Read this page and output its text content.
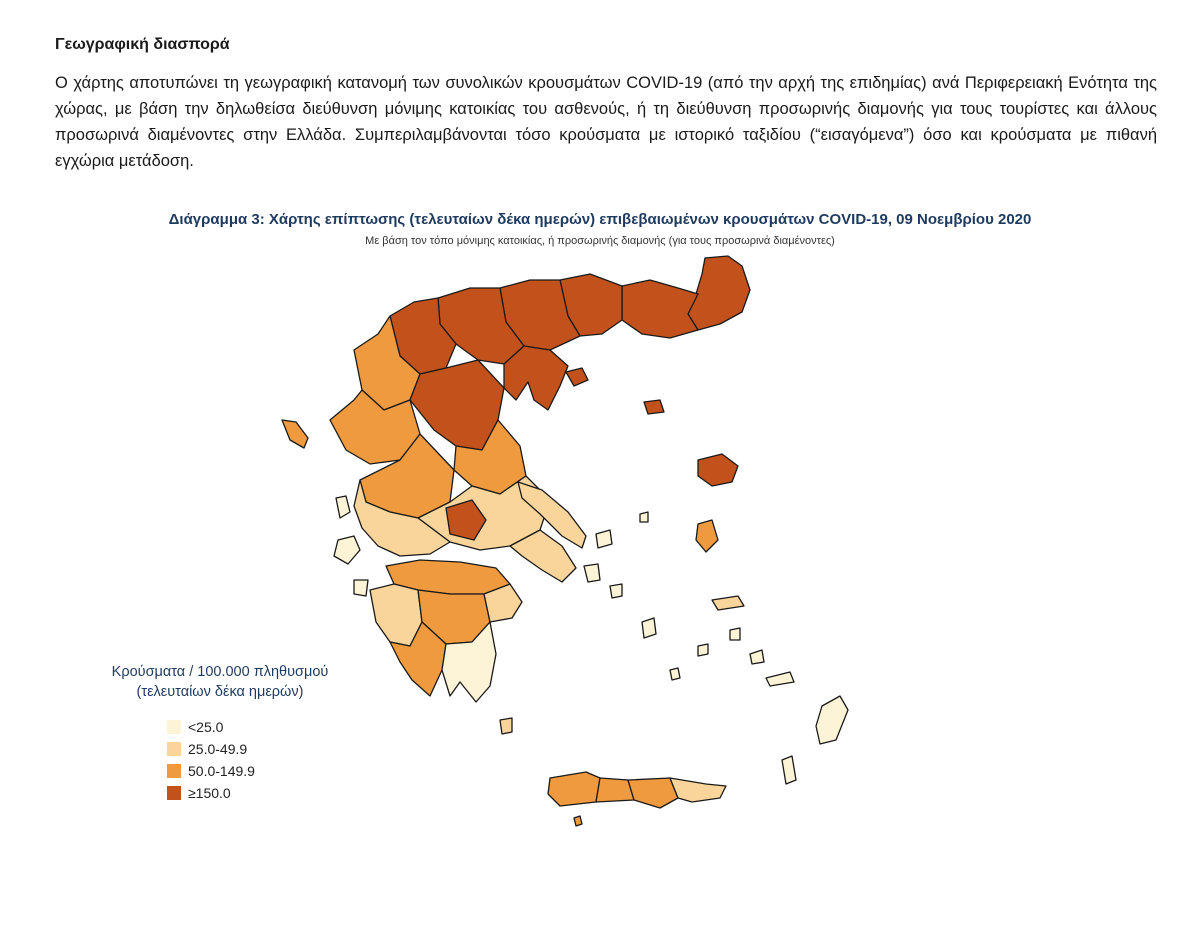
Γεωγραφική διασπορά
Ο χάρτης αποτυπώνει τη γεωγραφική κατανομή των συνολικών κρουσμάτων COVID-19 (από την αρχή της επιδημίας) ανά Περιφερειακή Ενότητα της χώρας, με βάση την δηλωθείσα διεύθυνση μόνιμης κατοικίας του ασθενούς, ή τη διεύθυνση προσωρινής διαμονής για τους τουρίστες και άλλους προσωρινά διαμένοντες στην Ελλάδα. Συμπεριλαμβάνονται τόσο κρούσματα με ιστορικό ταξιδίου (“εισαγόμενα”) όσο και κρούσματα με πιθανή εγχώρια μετάδοση.
Διάγραμμα 3: Χάρτης επίπτωσης (τελευταίων δέκα ημερών) επιβεβαιωμένων κρουσμάτων COVID-19, 09 Νοεμβρίου 2020
Με βάση τον τόπο μόνιμης κατοικίας, ή προσωρινής διαμονής (για τους προσωρινά διαμένοντες)
Κρούσματα / 100.000 πληθυσμού
(τελευταίων δέκα ημερών)
<25.0
25.0-49.9
50.0-149.9
≥150.0
